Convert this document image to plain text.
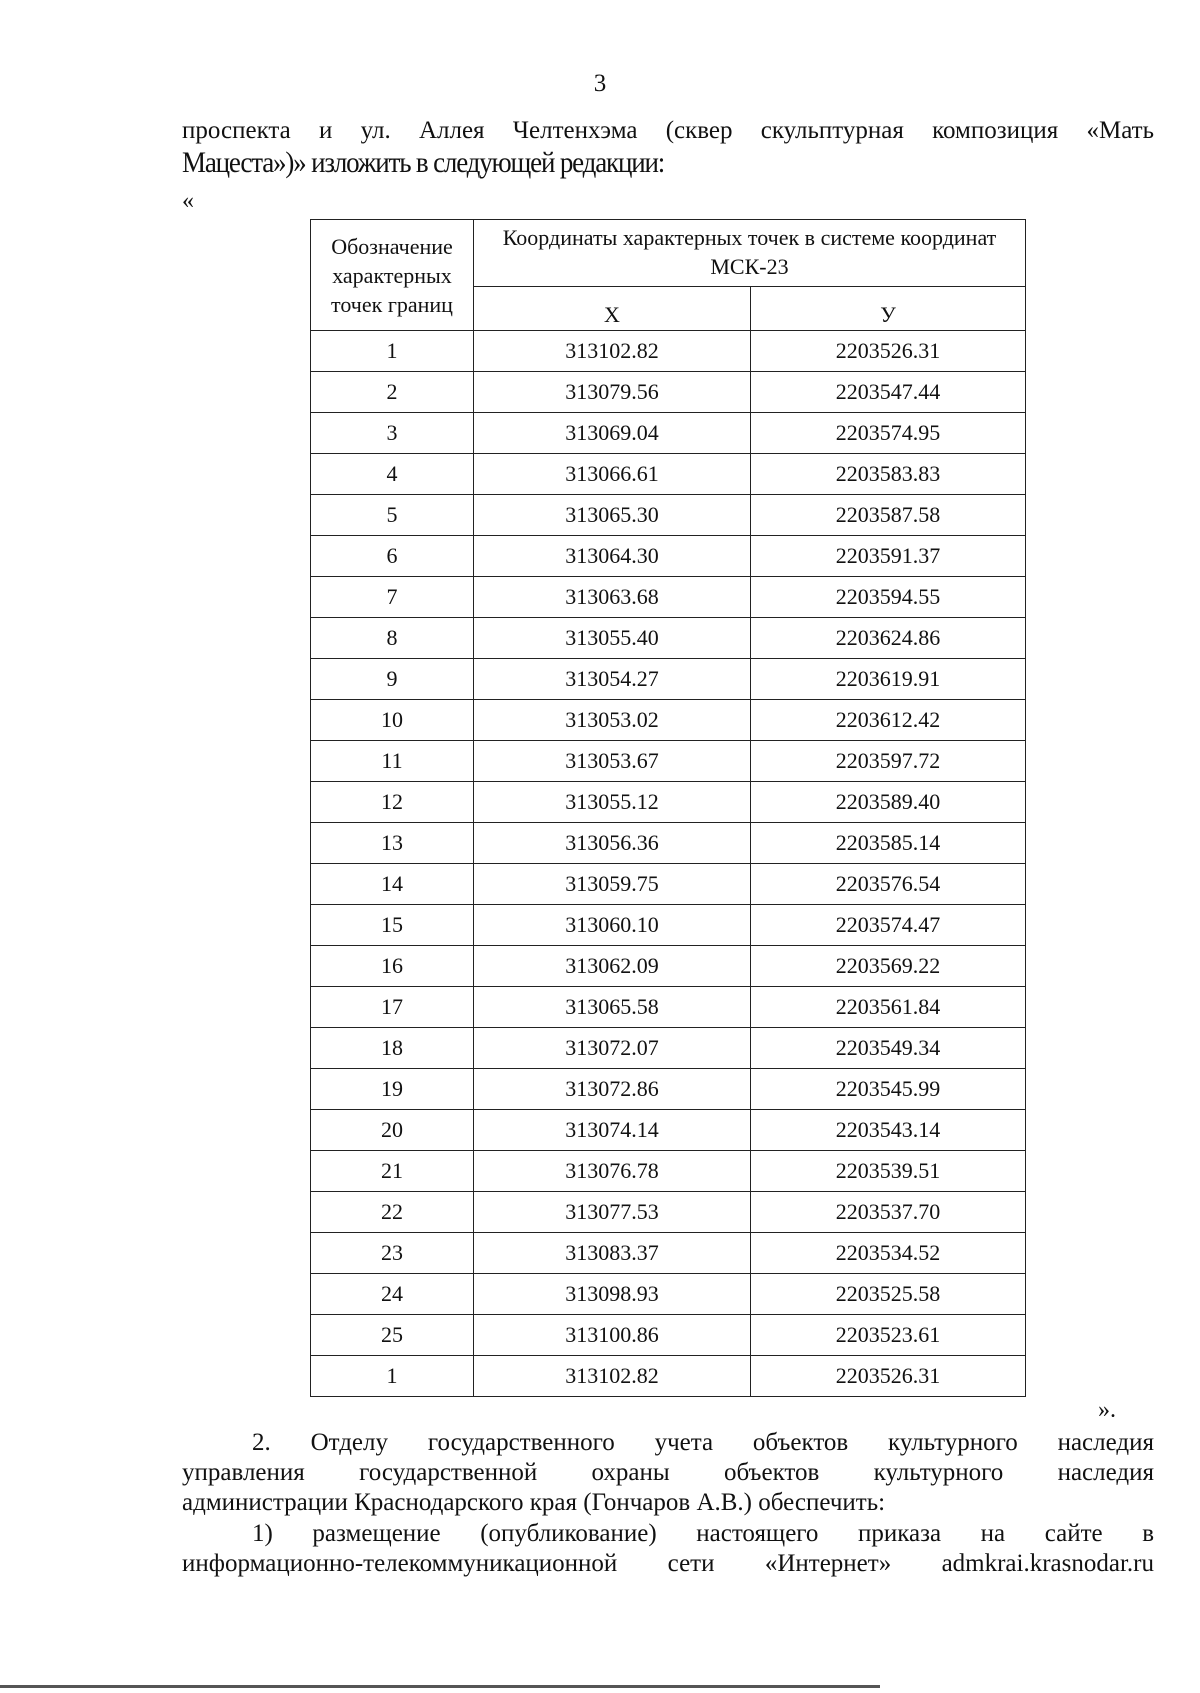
3
проспекта и ул. Аллея Челтенхэма (сквер скульптурная композиция «Мать
Мацеста»)» изложить в следующей редакции:
«
Обозначение характерных точек границ	Координаты характерных точек в системе координат МСК-23	
	X	У
1	313102.82	2203526.31
2	313079.56	2203547.44
3	313069.04	2203574.95
4	313066.61	2203583.83
5	313065.30	2203587.58
6	313064.30	2203591.37
7	313063.68	2203594.55
8	313055.40	2203624.86
9	313054.27	2203619.91
10	313053.02	2203612.42
11	313053.67	2203597.72
12	313055.12	2203589.40
13	313056.36	2203585.14
14	313059.75	2203576.54
15	313060.10	2203574.47
16	313062.09	2203569.22
17	313065.58	2203561.84
18	313072.07	2203549.34
19	313072.86	2203545.99
20	313074.14	2203543.14
21	313076.78	2203539.51
22	313077.53	2203537.70
23	313083.37	2203534.52
24	313098.93	2203525.58
25	313100.86	2203523.61
1	313102.82	2203526.31
».
2. Отделу государственного учета объектов культурного наследия
управления государственной охраны объектов культурного наследия
администрации Краснодарского края (Гончаров А.В.) обеспечить:
1) размещение (опубликование) настоящего приказа на сайте в
информационно-телекоммуникационной сети «Интернет» admkrai.krasnodar.ru
